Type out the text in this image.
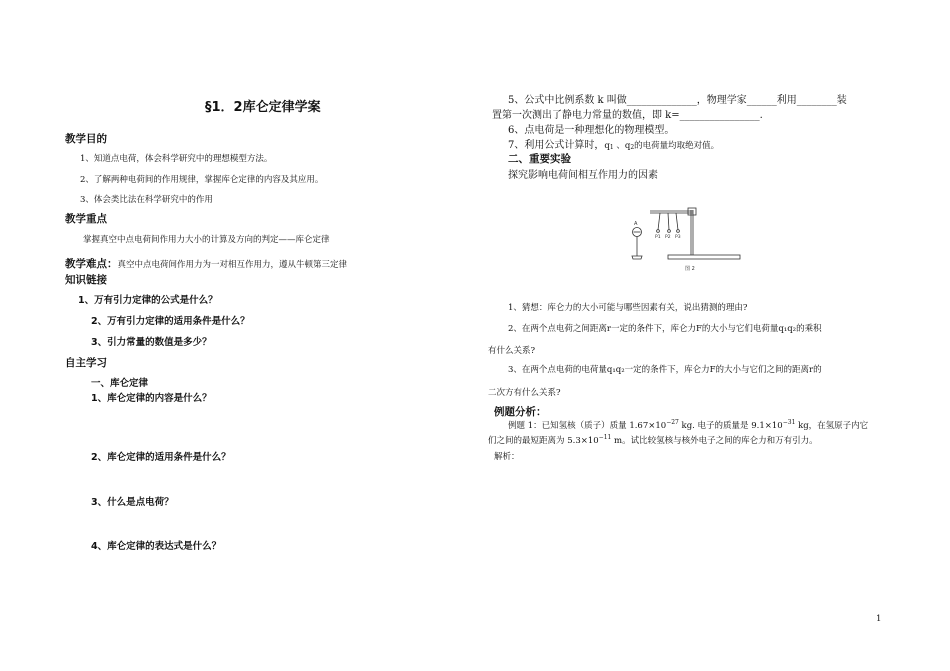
§1．2库仑定律学案
教学目的
1、知道点电荷，体会科学研究中的理想模型方法。
2、了解两种电荷间的作用规律，掌握库仑定律的内容及其应用。
3、体会类比法在科学研究中的作用
教学重点
掌握真空中点电荷间作用力大小的计算及方向的判定——库仑定律
教学难点：真空中点电荷间作用力为一对相互作用力，遵从牛顿第三定律
知识链接
1、万有引力定律的公式是什么？
2、万有引力定律的适用条件是什么？
3、引力常量的数值是多少？
自主学习
一、库仑定律
1、库仑定律的内容是什么？
2、库仑定律的适用条件是什么？
3、什么是点电荷？
4、库仑定律的表达式是什么？
5、公式中比例系数 k 叫做______________，物理学家______利用________装
置第一次测出了静电力常量的数值，即 k=________________.
6、点电荷是一种理想化的物理模型。
7、利用公式计算时，q1 、q2的电荷量均取绝对值。
二、重要实验
探究影响电荷间相互作用力的因素
A
P1 P2 P3
图 2
1、猜想：库仑力的大小可能与哪些因素有关，说出猜测的理由?
2、在两个点电荷之间距离r一定的条件下，库仑力F的大小与它们电荷量q₁q₂的乘积
有什么关系?
3、在两个点电荷的电荷量q₁q₂一定的条件下，库仑力F的大小与它们之间的距离r的
二次方有什么关系?
例题分析：
例题 1：已知氢核（质子）质量 $1.67\times 10^{-27}$ kg. 电子的质量是 $9.1\times 10^{-31}$ kg，在氢原子内它
们之间的最短距离为 $5.3\times 10^{-11}$ m。试比较氢核与核外电子之间的库仑力和万有引力。
解析：
1
